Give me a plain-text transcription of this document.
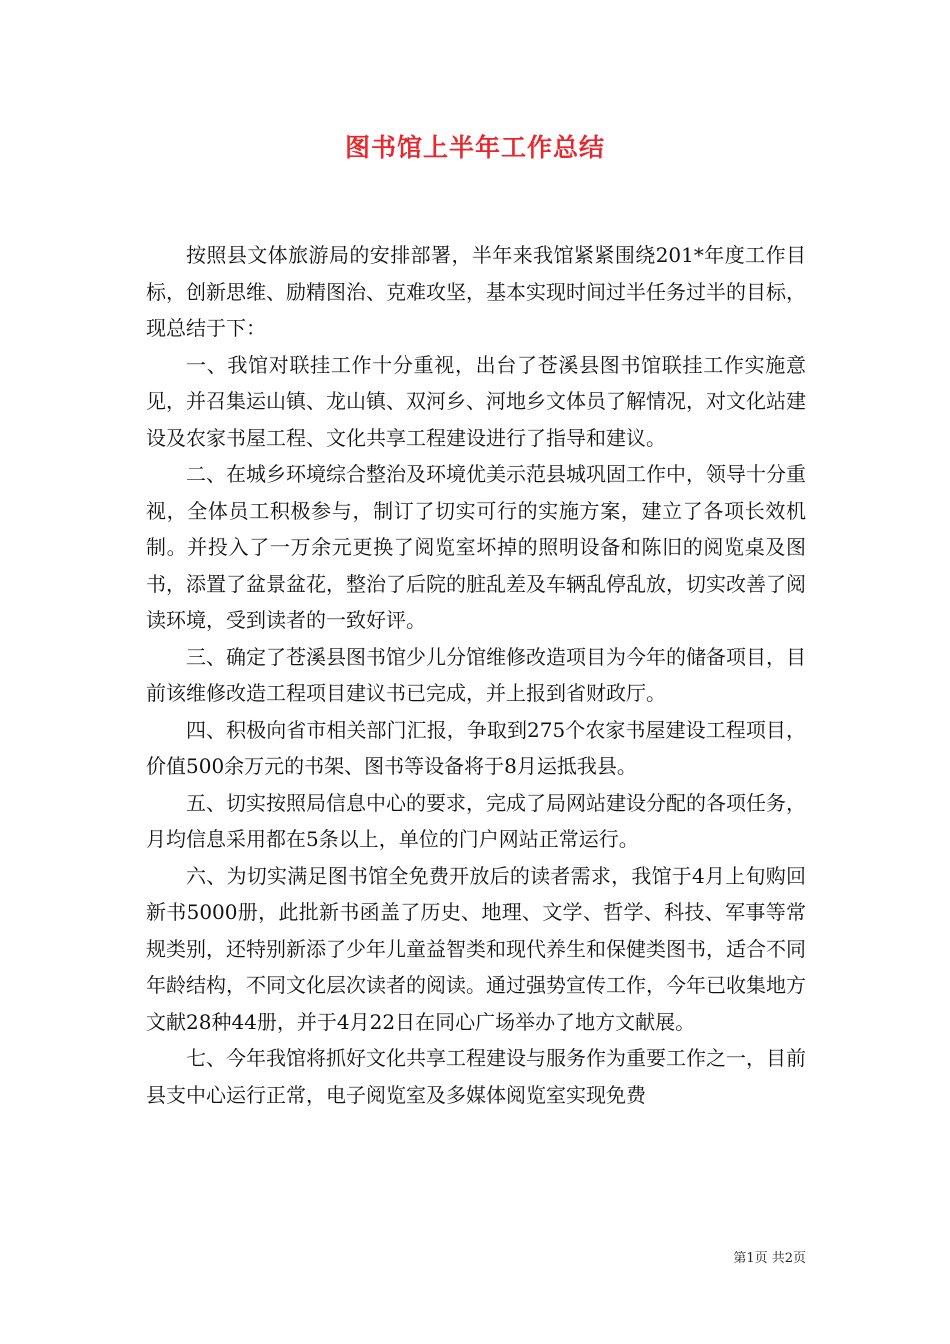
图书馆上半年工作总结

按照县文体旅游局的安排部署，半年来我馆紧紧围绕201*年度工作目标，创新思维、励精图治、克难攻坚，基本实现时间过半任务过半的目标，现总结于下：

一、我馆对联挂工作十分重视，出台了苍溪县图书馆联挂工作实施意见，并召集运山镇、龙山镇、双河乡、河地乡文体员了解情况，对文化站建设及农家书屋工程、文化共享工程建设进行了指导和建议。

二、在城乡环境综合整治及环境优美示范县城巩固工作中，领导十分重视，全体员工积极参与，制订了切实可行的实施方案，建立了各项长效机制。并投入了一万余元更换了阅览室坏掉的照明设备和陈旧的阅览桌及图书，添置了盆景盆花，整治了后院的脏乱差及车辆乱停乱放，切实改善了阅读环境，受到读者的一致好评。

三、确定了苍溪县图书馆少儿分馆维修改造项目为今年的储备项目，目前该维修改造工程项目建议书已完成，并上报到省财政厅。

四、积极向省市相关部门汇报，争取到275个农家书屋建设工程项目，价值500余万元的书架、图书等设备将于8月运抵我县。

五、切实按照局信息中心的要求，完成了局网站建设分配的各项任务，月均信息采用都在5条以上，单位的门户网站正常运行。

六、为切实满足图书馆全免费开放后的读者需求，我馆于4月上旬购回新书5000册，此批新书函盖了历史、地理、文学、哲学、科技、军事等常规类别，还特别新添了少年儿童益智类和现代养生和保健类图书，适合不同年龄结构，不同文化层次读者的阅读。通过强势宣传工作，今年已收集地方文献28种44册，并于4月22日在同心广场举办了地方文献展。

七、今年我馆将抓好文化共享工程建设与服务作为重要工作之一，目前县支中心运行正常，电子阅览室及多媒体阅览室实现免费

第1页 共2页
